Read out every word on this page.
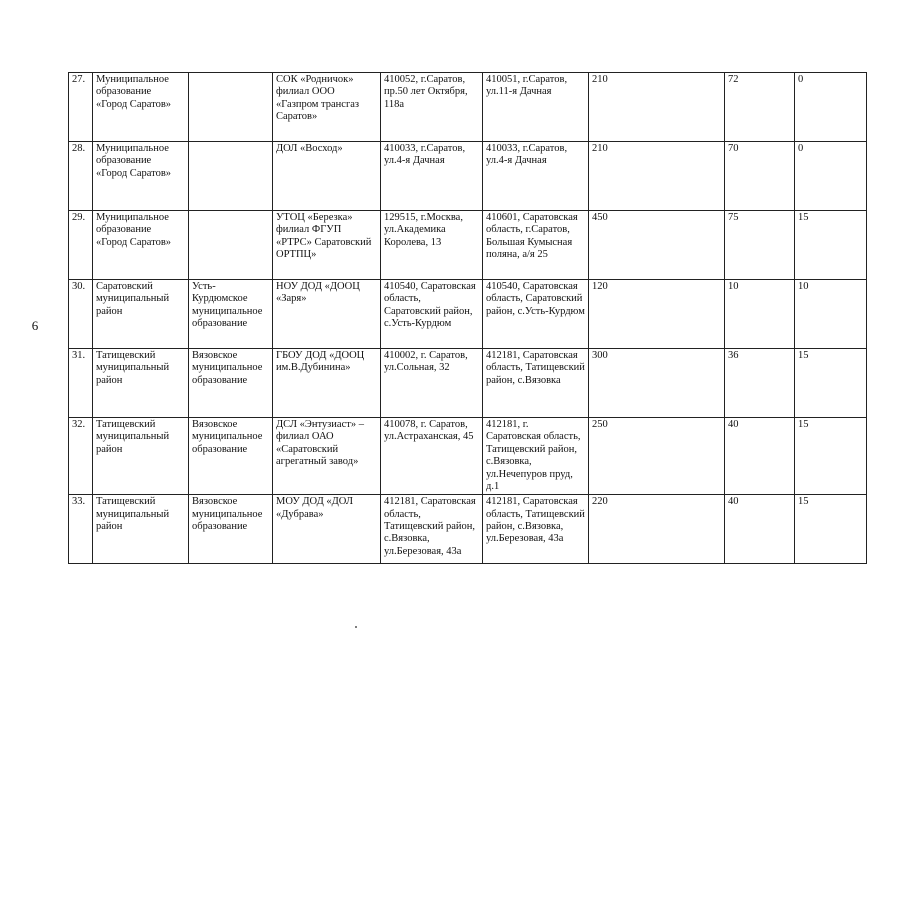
6
27.	Муниципальное образование «Город Саратов»		СОК «Родничок» филиал ООО «Газпром трансгаз Саратов»	410052, г.Саратов, пр.50 лет Октября, 118а	410051, г.Саратов, ул.11-я Дачная	210	72	0
28.	Муниципальное образование «Город Саратов»		ДОЛ «Восход»	410033, г.Саратов, ул.4-я Дачная	410033, г.Саратов, ул.4-я Дачная	210	70	0
29.	Муниципальное образование «Город Саратов»		УТОЦ «Березка» филиал ФГУП «РТРС» Саратовский ОРТПЦ»	129515, г.Москва, ул.Академика Королева, 13	410601, Саратовская область, г.Саратов, Большая Кумысная поляна, а/я 25	450	75	15
30.	Саратовский муниципальный район	Усть-Курдюмское муниципальное образование	НОУ ДОД «ДООЦ «Заря»	410540, Саратовская область, Саратовский район, с.Усть-Курдюм	410540, Саратовская область, Саратовский район, с.Усть-Курдюм	120	10	10
31.	Татищевский муниципальный район	Вязовское муниципальное образование	ГБОУ ДОД «ДООЦ им.В.Дубинина»	410002, г. Саратов, ул.Сольная, 32	412181, Саратовская область, Татищевский район, с.Вязовка	300	36	15
32.	Татищевский муниципальный район	Вязовское муниципальное образование	ДСЛ «Энтузиаст» – филиал ОАО «Саратовский агрегатный завод»	410078, г. Саратов, ул.Астраханская, 45	412181, г. Саратовская область, Татищевский район, с.Вязовка, ул.Нечепуров пруд, д.1	250	40	15
33.	Татищевский муниципальный район	Вязовское муниципальное образование	МОУ ДОД «ДОЛ «Дубрава»	412181, Саратовская область, Татищевский район, с.Вязовка, ул.Березовая, 43а	412181, Саратовская область, Татищевский район, с.Вязовка, ул.Березовая, 43а	220	40	15
